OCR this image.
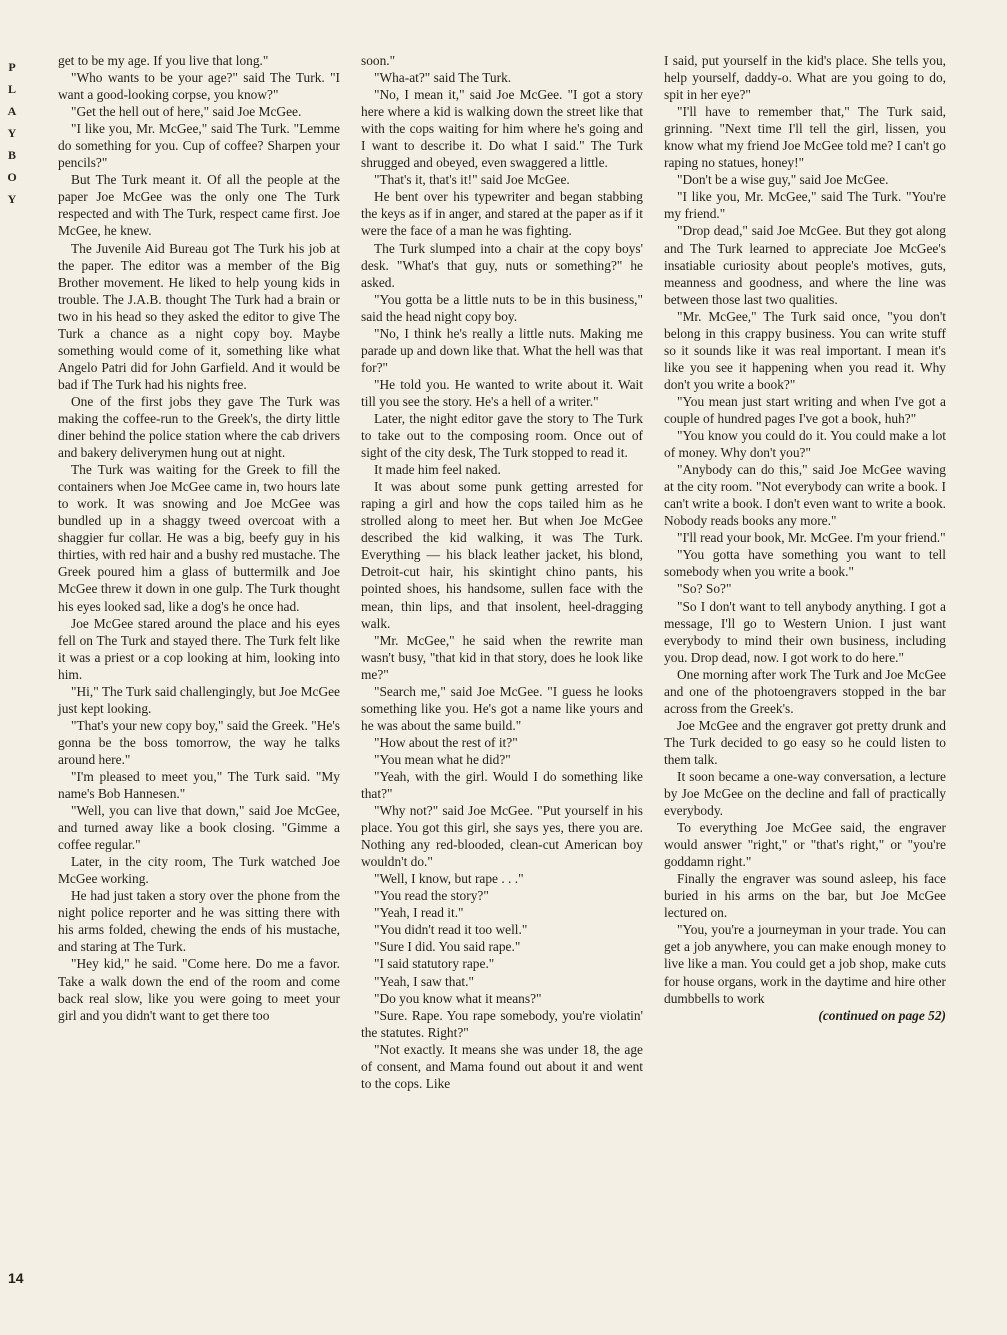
P
L
A
Y
B
O
Y
14

get to be my age. If you live that long."

"Who wants to be your age?" said The Turk. "I want a good-looking corpse, you know?"

"Get the hell out of here," said Joe McGee.

"I like you, Mr. McGee," said The Turk. "Lemme do something for you. Cup of coffee? Sharpen your pencils?"

But The Turk meant it. Of all the people at the paper Joe McGee was the only one The Turk respected and with The Turk, respect came first. Joe McGee, he knew.

The Juvenile Aid Bureau got The Turk his job at the paper. The editor was a member of the Big Brother movement. He liked to help young kids in trouble. The J.A.B. thought The Turk had a brain or two in his head so they asked the editor to give The Turk a chance as a night copy boy. Maybe something would come of it, something like what Angelo Patri did for John Garfield. And it would be bad if The Turk had his nights free.

One of the first jobs they gave The Turk was making the coffee-run to the Greek's, the dirty little diner behind the police station where the cab drivers and bakery deliverymen hung out at night.

The Turk was waiting for the Greek to fill the containers when Joe McGee came in, two hours late to work. It was snowing and Joe McGee was bundled up in a shaggy tweed overcoat with a shaggier fur collar. He was a big, beefy guy in his thirties, with red hair and a bushy red mustache. The Greek poured him a glass of buttermilk and Joe McGee threw it down in one gulp. The Turk thought his eyes looked sad, like a dog's he once had.

Joe McGee stared around the place and his eyes fell on The Turk and stayed there. The Turk felt like it was a priest or a cop looking at him, looking into him.

"Hi," The Turk said challengingly, but Joe McGee just kept looking.

"That's your new copy boy," said the Greek. "He's gonna be the boss tomorrow, the way he talks around here."

"I'm pleased to meet you," The Turk said. "My name's Bob Hannesen."

"Well, you can live that down," said Joe McGee, and turned away like a book closing. "Gimme a coffee regular."

Later, in the city room, The Turk watched Joe McGee working.

He had just taken a story over the phone from the night police reporter and he was sitting there with his arms folded, chewing the ends of his mustache, and staring at The Turk.

"Hey kid," he said. "Come here. Do me a favor. Take a walk down the end of the room and come back real slow, like you were going to meet your girl and you didn't want to get there too

soon."

"Wha-at?" said The Turk.

"No, I mean it," said Joe McGee. "I got a story here where a kid is walking down the street like that with the cops waiting for him where he's going and I want to describe it. Do what I said." The Turk shrugged and obeyed, even swaggered a little.

"That's it, that's it!" said Joe McGee.

He bent over his typewriter and began stabbing the keys as if in anger, and stared at the paper as if it were the face of a man he was fighting.

The Turk slumped into a chair at the copy boys' desk. "What's that guy, nuts or something?" he asked.

"You gotta be a little nuts to be in this business," said the head night copy boy.

"No, I think he's really a little nuts. Making me parade up and down like that. What the hell was that for?"

"He told you. He wanted to write about it. Wait till you see the story. He's a hell of a writer."

Later, the night editor gave the story to The Turk to take out to the composing room. Once out of sight of the city desk, The Turk stopped to read it.

It made him feel naked.

It was about some punk getting arrested for raping a girl and how the cops tailed him as he strolled along to meet her. But when Joe McGee described the kid walking, it was The Turk. Everything — his black leather jacket, his blond, Detroit-cut hair, his skintight chino pants, his pointed shoes, his handsome, sullen face with the mean, thin lips, and that insolent, heel-dragging walk.

"Mr. McGee," he said when the rewrite man wasn't busy, "that kid in that story, does he look like me?"

"Search me," said Joe McGee. "I guess he looks something like you. He's got a name like yours and he was about the same build."

"How about the rest of it?"

"You mean what he did?"

"Yeah, with the girl. Would I do something like that?"

"Why not?" said Joe McGee. "Put yourself in his place. You got this girl, she says yes, there you are. Nothing any red-blooded, clean-cut American boy wouldn't do."

"Well, I know, but rape . . ."

"You read the story?"

"Yeah, I read it."

"You didn't read it too well."

"Sure I did. You said rape."

"I said statutory rape."

"Yeah, I saw that."

"Do you know what it means?"

"Sure. Rape. You rape somebody, you're violatin' the statutes. Right?"

"Not exactly. It means she was under 18, the age of consent, and Mama found out about it and went to the cops. Like

I said, put yourself in the kid's place. She tells you, help yourself, daddy-o. What are you going to do, spit in her eye?"

"I'll have to remember that," The Turk said, grinning. "Next time I'll tell the girl, lissen, you know what my friend Joe McGee told me? I can't go raping no statues, honey!"

"Don't be a wise guy," said Joe McGee.

"I like you, Mr. McGee," said The Turk. "You're my friend."

"Drop dead," said Joe McGee. But they got along and The Turk learned to appreciate Joe McGee's insatiable curiosity about people's motives, guts, meanness and goodness, and where the line was between those last two qualities.

"Mr. McGee," The Turk said once, "you don't belong in this crappy business. You can write stuff so it sounds like it was real important. I mean it's like you see it happening when you read it. Why don't you write a book?"

"You mean just start writing and when I've got a couple of hundred pages I've got a book, huh?"

"You know you could do it. You could make a lot of money. Why don't you?"

"Anybody can do this," said Joe McGee waving at the city room. "Not everybody can write a book. I can't write a book. I don't even want to write a book. Nobody reads books any more."

"I'll read your book, Mr. McGee. I'm your friend."

"You gotta have something you want to tell somebody when you write a book."

"So? So?"

"So I don't want to tell anybody anything. I got a message, I'll go to Western Union. I just want everybody to mind their own business, including you. Drop dead, now. I got work to do here."

One morning after work The Turk and Joe McGee and one of the photoengravers stopped in the bar across from the Greek's.

Joe McGee and the engraver got pretty drunk and The Turk decided to go easy so he could listen to them talk.

It soon became a one-way conversation, a lecture by Joe McGee on the decline and fall of practically everybody.

To everything Joe McGee said, the engraver would answer "right," or "that's right," or "you're goddamn right."

Finally the engraver was sound asleep, his face buried in his arms on the bar, but Joe McGee lectured on.

"You, you're a journeyman in your trade. You can get a job anywhere, you can make enough money to live like a man. You could get a job shop, make cuts for house organs, work in the daytime and hire other dumbbells to work

(continued on page 52)
